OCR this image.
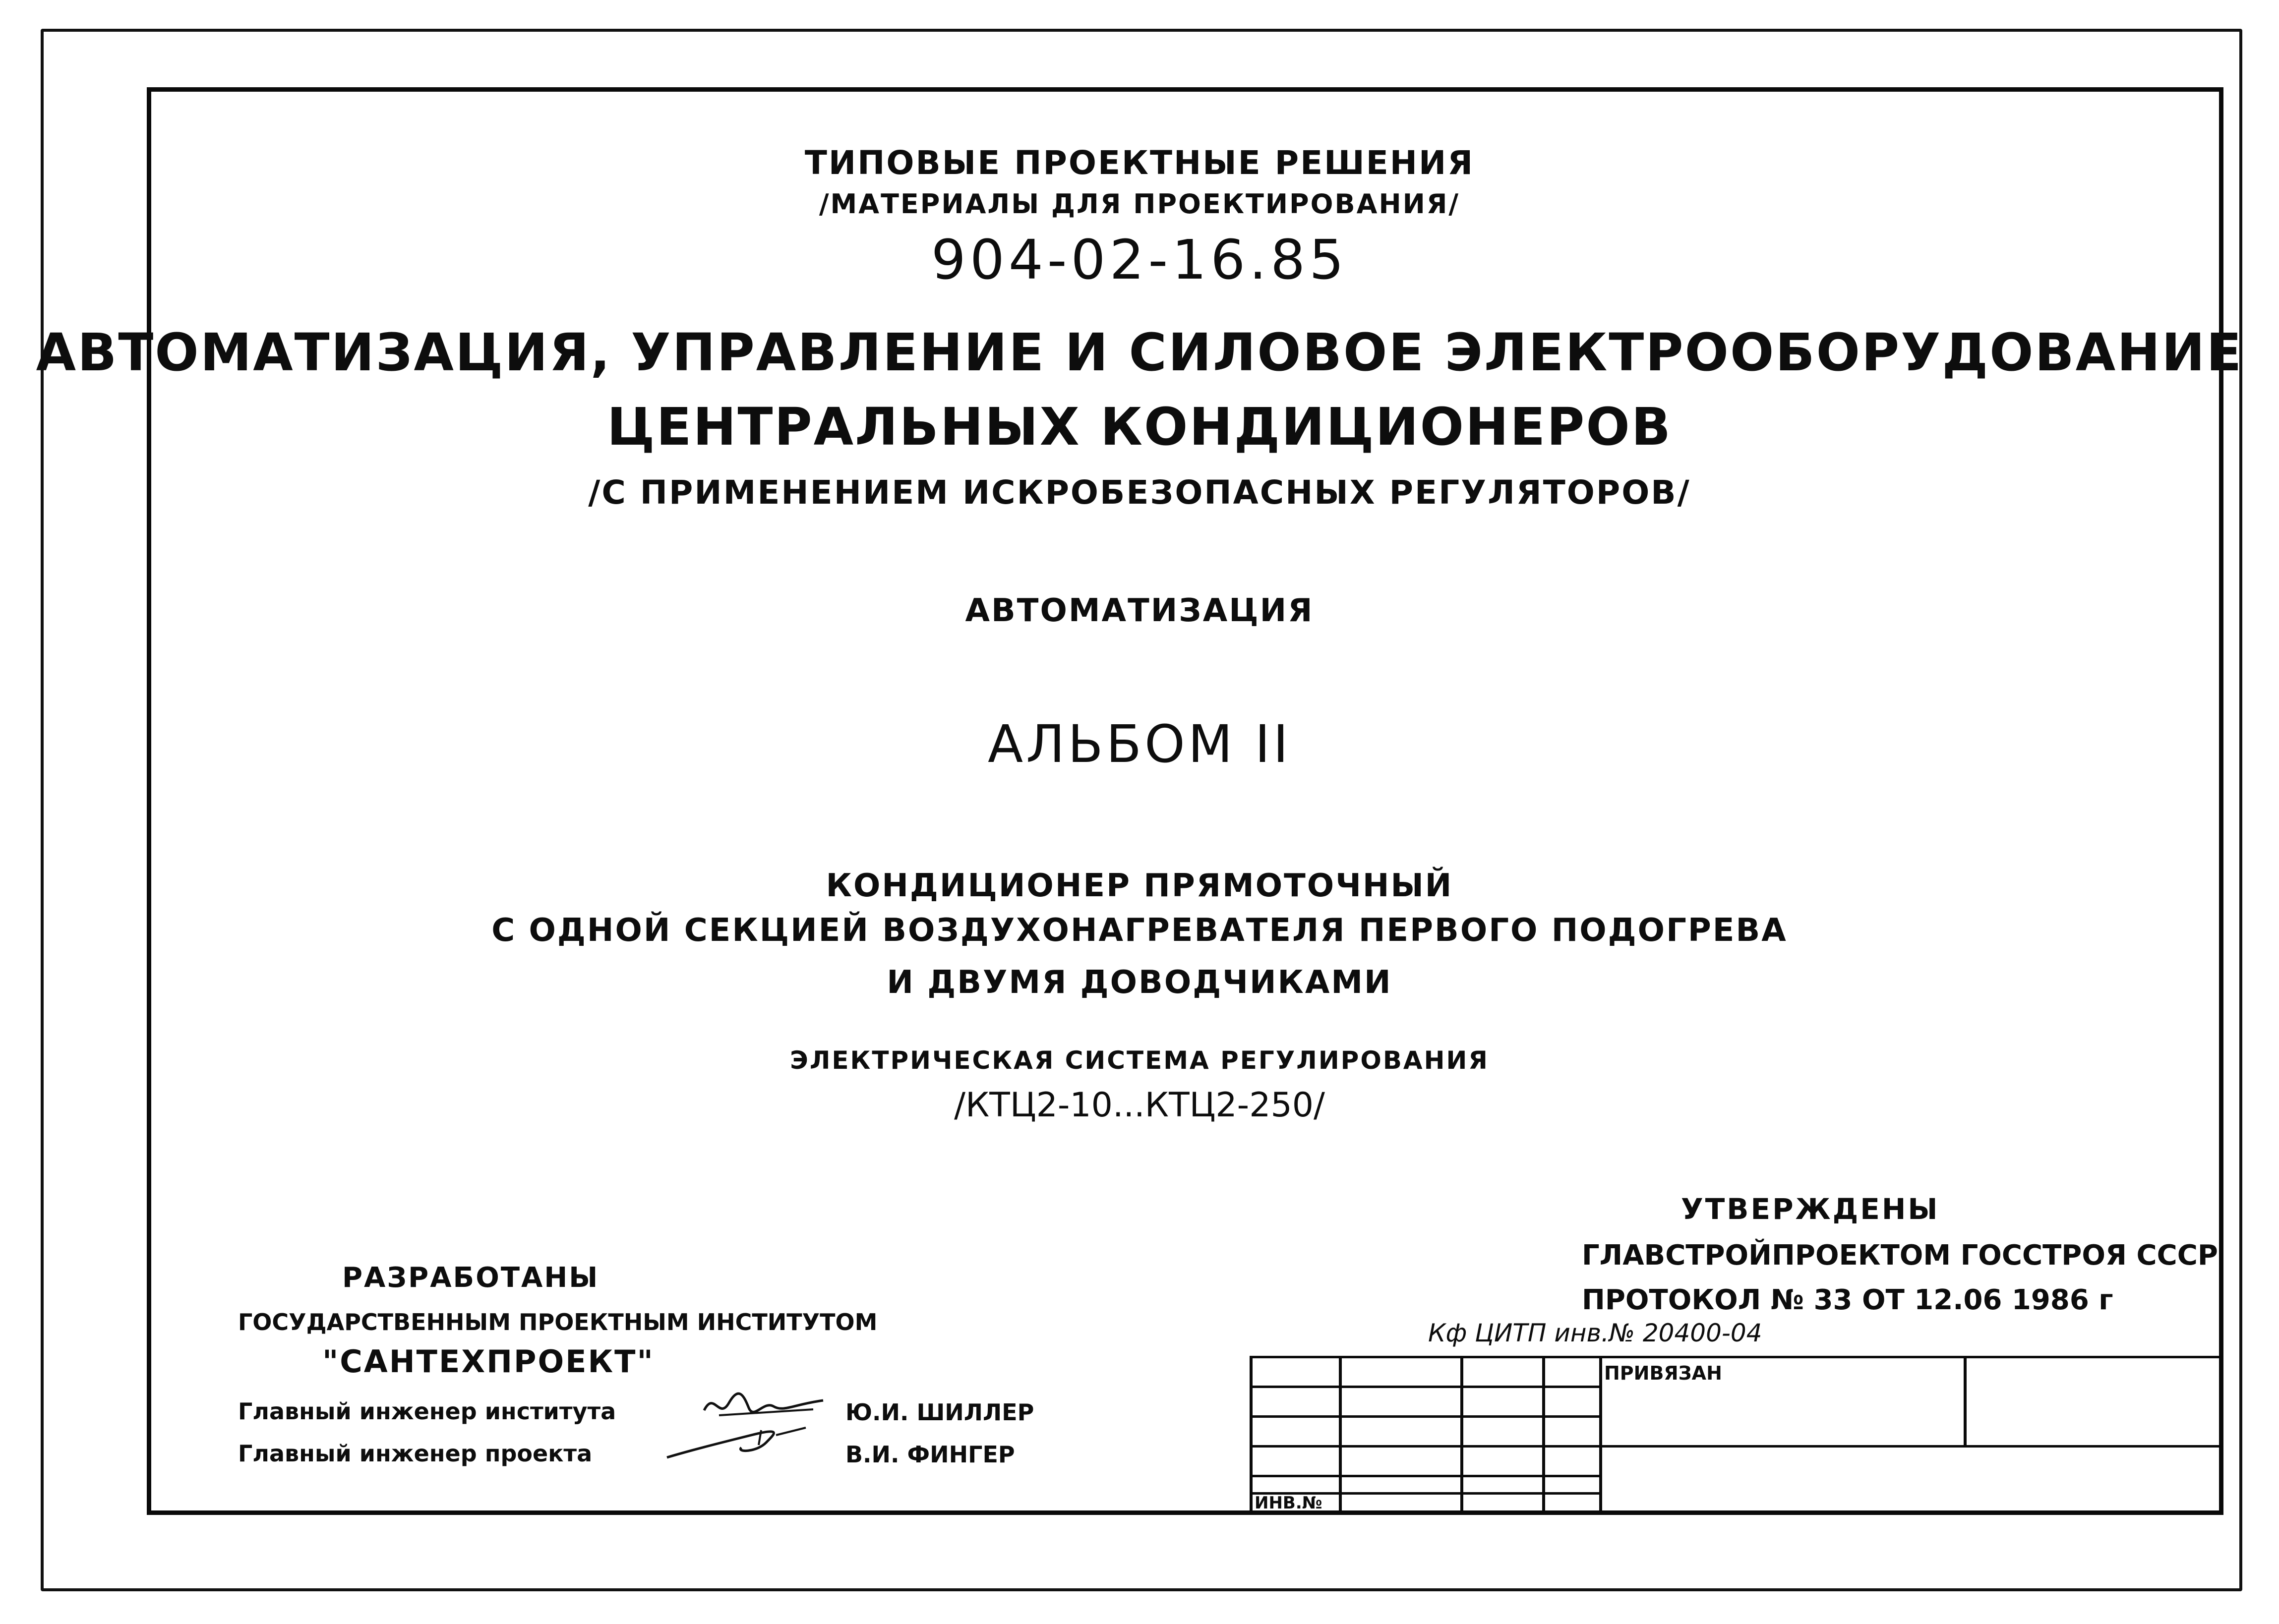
ТИПОВЫЕ ПРОЕКТНЫЕ РЕШЕНИЯ
/МАТЕРИАЛЫ ДЛЯ ПРОЕКТИРОВАНИЯ/
904-02-16.85
АВТОМАТИЗАЦИЯ, УПРАВЛЕНИЕ И СИЛОВОЕ ЭЛЕКТРООБОРУДОВАНИЕ
ЦЕНТРАЛЬНЫХ КОНДИЦИОНЕРОВ
/С ПРИМЕНЕНИЕМ ИСКРОБЕЗОПАСНЫХ РЕГУЛЯТОРОВ/
АВТОМАТИЗАЦИЯ
АЛЬБОМ II
КОНДИЦИОНЕР ПРЯМОТОЧНЫЙ
С ОДНОЙ СЕКЦИЕЙ ВОЗДУХОНАГРЕВАТЕЛЯ ПЕРВОГО ПОДОГРЕВА
И ДВУМЯ ДОВОДЧИКАМИ
ЭЛЕКТРИЧЕСКАЯ СИСТЕМА РЕГУЛИРОВАНИЯ
/КТЦ2-10...КТЦ2-250/
УТВЕРЖДЕНЫ
ГЛАВСТРОЙПРОЕКТОМ ГОССТРОЯ СССР
ПРОТОКОЛ № 33 ОТ 12.06 1986 г
Кф ЦИТП инв.№ 20400-04
РАЗРАБОТАНЫ
ГОСУДАРСТВЕННЫМ ПРОЕКТНЫМ ИНСТИТУТОМ
"САНТЕХПРОЕКТ"
Главный инженер института
Главный инженер проекта
Ю.И. ШИЛЛЕР
В.И. ФИНГЕР
ПРИВЯЗАН
ИНВ.№
